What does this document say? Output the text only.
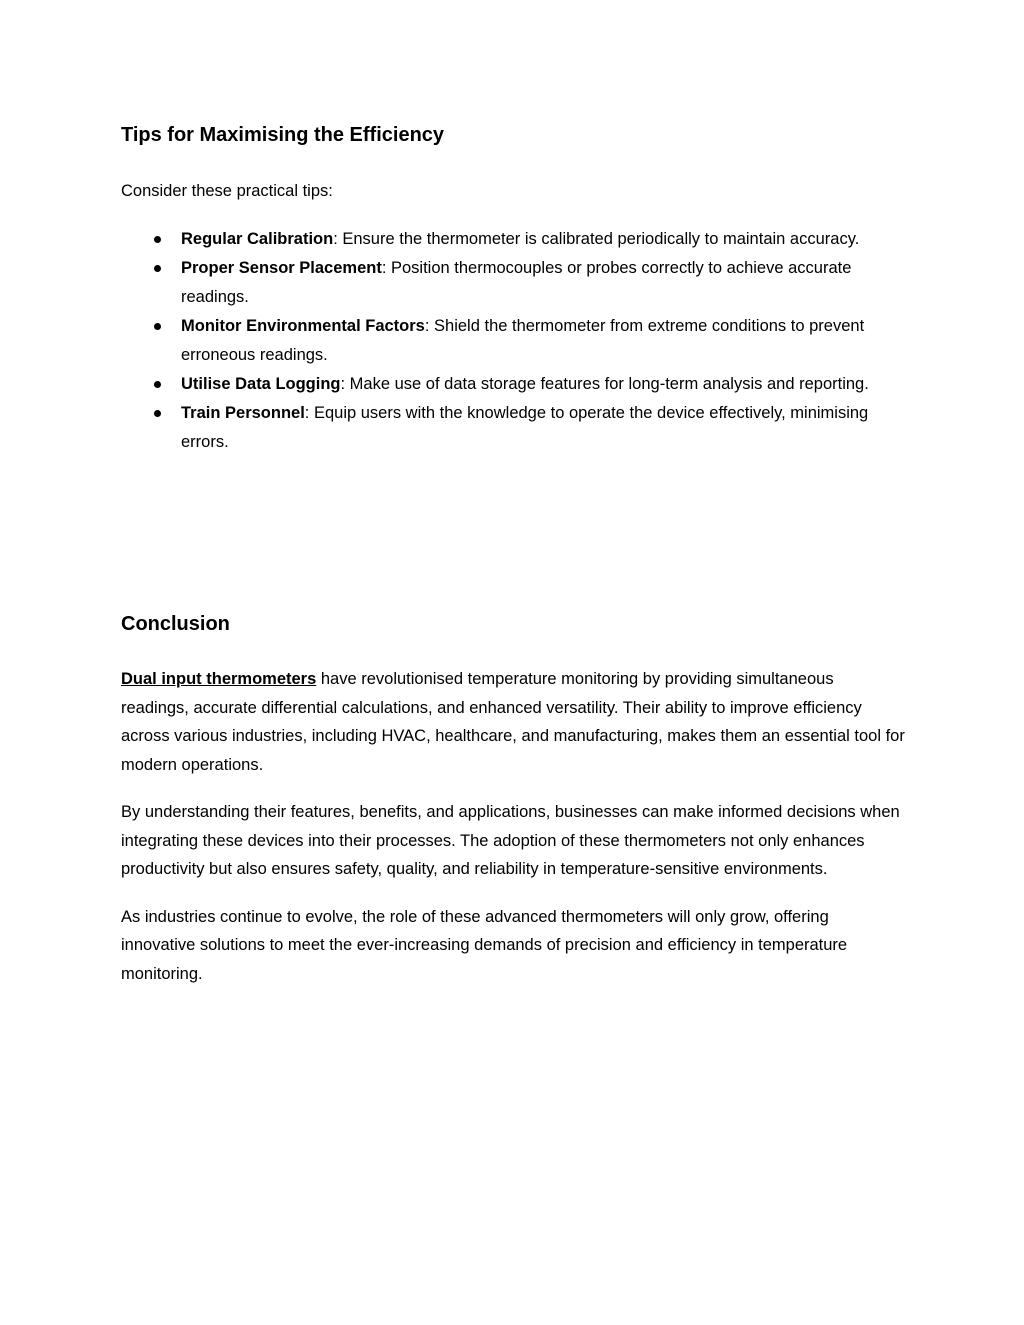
Tips for Maximising the Efficiency

Consider these practical tips:

Regular Calibration: Ensure the thermometer is calibrated periodically to maintain accuracy.
Proper Sensor Placement: Position thermocouples or probes correctly to achieve accurate readings.
Monitor Environmental Factors: Shield the thermometer from extreme conditions to prevent erroneous readings.
Utilise Data Logging: Make use of data storage features for long-term analysis and reporting.
Train Personnel: Equip users with the knowledge to operate the device effectively, minimising errors.
Conclusion

Dual input thermometers have revolutionised temperature monitoring by providing simultaneous readings, accurate differential calculations, and enhanced versatility. Their ability to improve efficiency across various industries, including HVAC, healthcare, and manufacturing, makes them an essential tool for modern operations.

By understanding their features, benefits, and applications, businesses can make informed decisions when integrating these devices into their processes. The adoption of these thermometers not only enhances productivity but also ensures safety, quality, and reliability in temperature-sensitive environments.

As industries continue to evolve, the role of these advanced thermometers will only grow, offering innovative solutions to meet the ever-increasing demands of precision and efficiency in temperature monitoring.
